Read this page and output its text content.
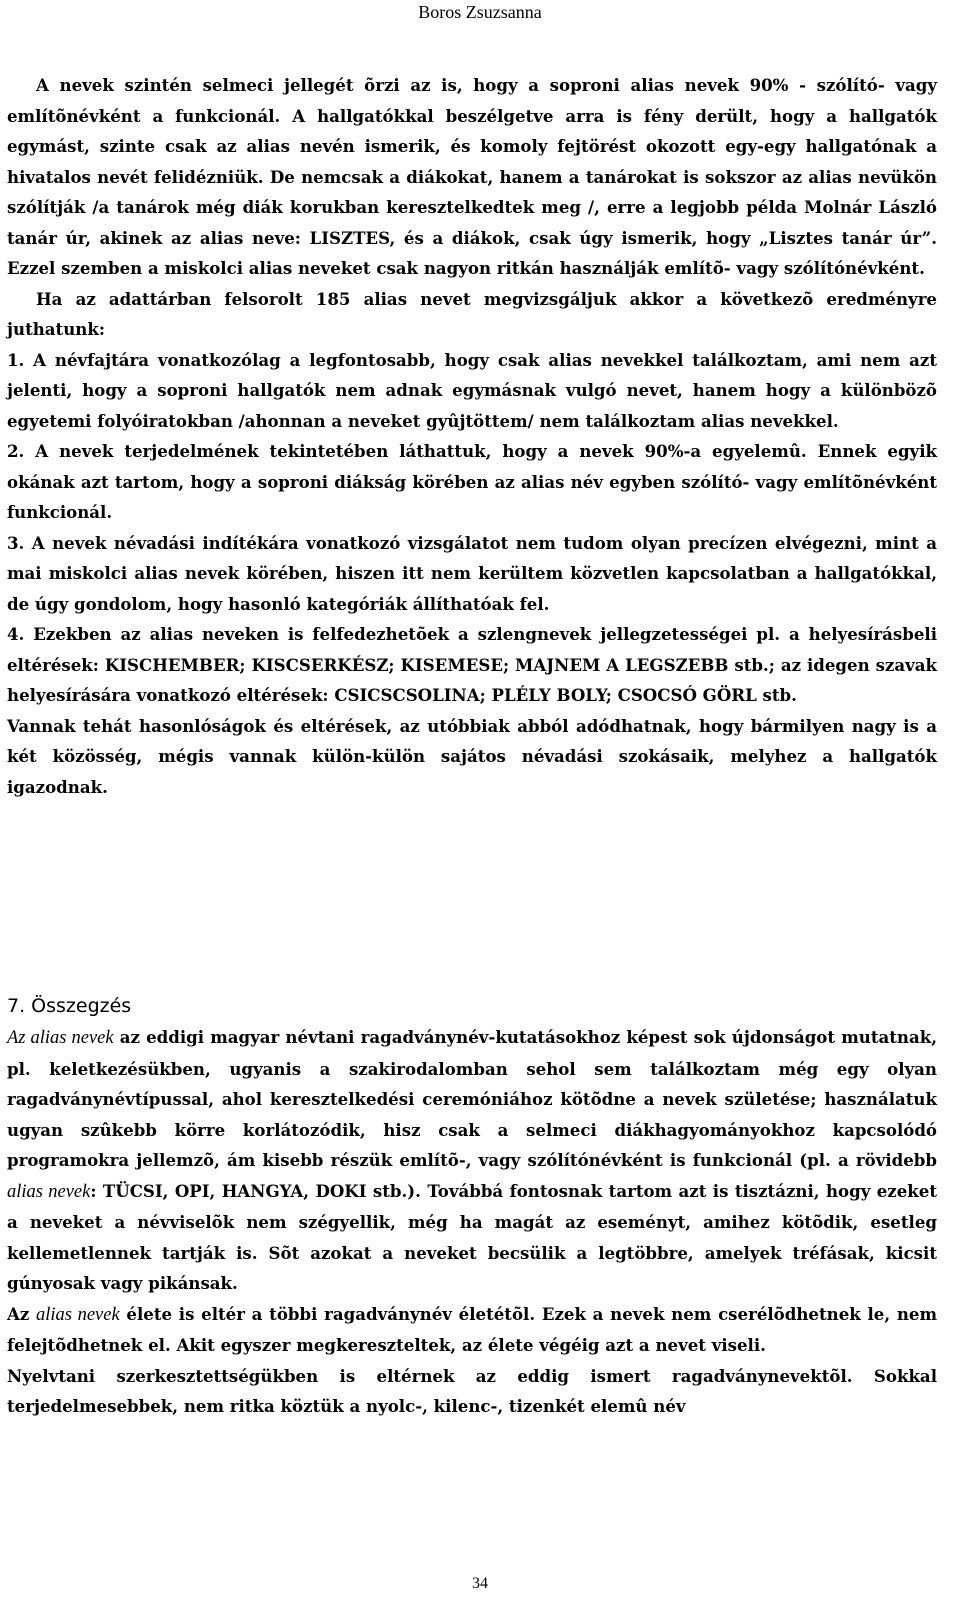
Boros Zsuzsanna

A nevek szintén selmeci jellegét õrzi az is, hogy a soproni alias nevek 90% - szólító- vagy említõnévként a funkcionál. A hallgatókkal beszélgetve arra is fény derült, hogy a hallgatók egymást, szinte csak az alias nevén ismerik, és komoly fejtörést okozott egy-egy hallgatónak a hivatalos nevét felidézniük. De nemcsak a diákokat, hanem a tanárokat is sokszor az alias nevükön szólítják /a tanárok még diák korukban keresztelkedtek meg /, erre a legjobb példa Molnár László tanár úr, akinek az alias neve: LISZTES, és a diákok, csak úgy ismerik, hogy „Lisztes tanár úr”. Ezzel szemben a miskolci alias neveket csak nagyon ritkán használják említõ- vagy szólítónévként.

Ha az adattárban felsorolt 185 alias nevet megvizsgáljuk akkor a következõ eredményre juthatunk:

1. A névfajtára vonatkozólag a legfontosabb, hogy csak alias nevekkel találkoztam, ami nem azt jelenti, hogy a soproni hallgatók nem adnak egymásnak vulgó nevet, hanem hogy a különbözõ egyetemi folyóiratokban /ahonnan a neveket gyûjtöttem/ nem találkoztam alias nevekkel.

2. A nevek terjedelmének tekintetében láthattuk, hogy a nevek 90%-a egyelemû. Ennek egyik okának azt tartom, hogy a soproni diákság körében az alias név egyben szólító- vagy említõnévként funkcionál.

3. A nevek névadási indítékára vonatkozó vizsgálatot nem tudom olyan precízen elvégezni, mint a mai miskolci alias nevek körében, hiszen itt nem kerültem közvetlen kapcsolatban a hallgatókkal, de úgy gondolom, hogy hasonló kategóriák állíthatóak fel.

4. Ezekben az alias neveken is felfedezhetõek a szlengnevek jellegzetességei pl. a helyesírásbeli eltérések: KISCHEMBER; KISCSERKÉSZ; KISEMESE; MAJNEM A LEGSZEBB stb.; az idegen szavak helyesírására vonatkozó eltérések: CSICSCSOLINA; PLÉLY BOLY; CSOCSÓ GÖRL stb.

Vannak tehát hasonlóságok és eltérések, az utóbbiak abból adódhatnak, hogy bármilyen nagy is a két közösség, mégis vannak külön-külön sajátos névadási szokásaik, melyhez a hallgatók igazodnak.

7. Összegzés

Az alias nevek az eddigi magyar névtani ragadványnév-kutatásokhoz képest sok újdonságot mutatnak, pl. keletkezésükben, ugyanis a szakirodalomban sehol sem találkoztam még egy olyan ragadványnévtípussal, ahol keresztelkedési ceremóniához kötõdne a nevek születése; használatuk ugyan szûkebb körre korlátozódik, hisz csak a selmeci diákhagyományokhoz kapcsolódó programokra jellemzõ, ám kisebb részük említõ-, vagy szólítónévként is funkcionál (pl. a rövidebb alias nevek: TÜCSI, OPI, HANGYA, DOKI stb.). Továbbá fontosnak tartom azt is tisztázni, hogy ezeket a neveket a névviselõk nem szégyellik, még ha magát az eseményt, amihez kötõdik, esetleg kellemetlennek tartják is. Sõt azokat a neveket becsülik a legtöbbre, amelyek tréfásak, kicsit gúnyosak vagy pikánsak.

Az alias nevek élete is eltér a többi ragadványnév életétõl. Ezek a nevek nem cserélõdhetnek le, nem felejtõdhetnek el. Akit egyszer megkereszteltek, az élete végéig azt a nevet viseli.

Nyelvtani szerkesztettségükben is eltérnek az eddig ismert ragadványnevektõl. Sokkal terjedelmesebbek, nem ritka köztük a nyolc-, kilenc-, tizenkét elemû név

34
